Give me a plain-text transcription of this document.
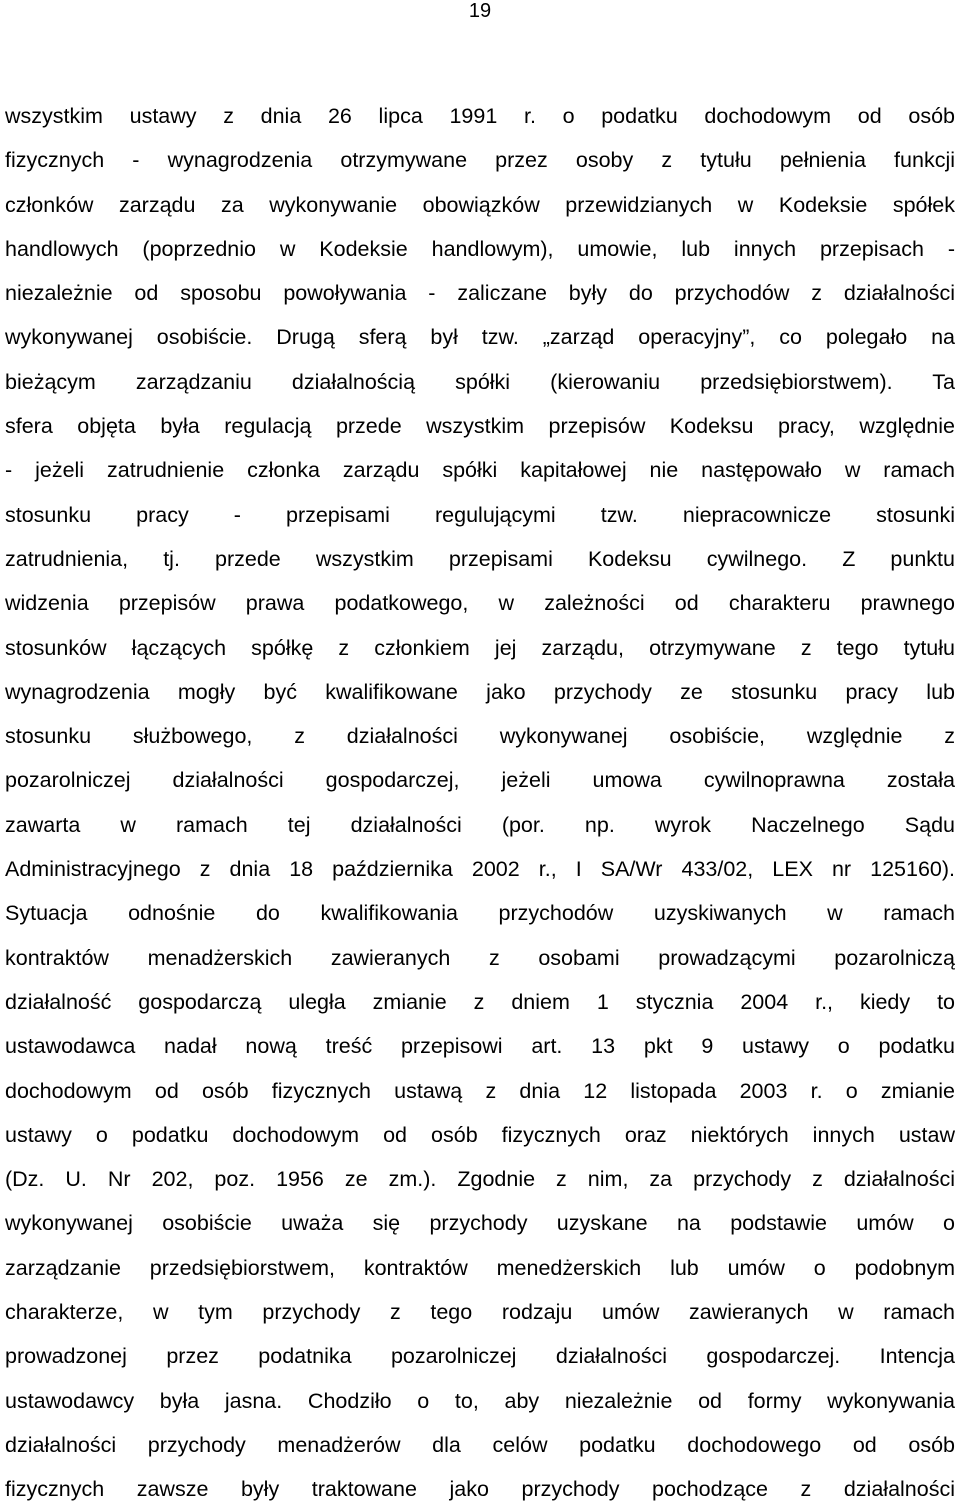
19
wszystkim ustawy z dnia 26 lipca 1991 r. o podatku dochodowym od osób
fizycznych - wynagrodzenia otrzymywane przez osoby z tytułu pełnienia funkcji
członków zarządu za wykonywanie obowiązków przewidzianych w Kodeksie spółek
handlowych (poprzednio w Kodeksie handlowym), umowie, lub innych przepisach -
niezależnie od sposobu powoływania - zaliczane były do przychodów z działalności
wykonywanej osobiście. Drugą sferą był tzw. „zarząd operacyjny”, co polegało na
bieżącym zarządzaniu działalnością spółki (kierowaniu przedsiębiorstwem). Ta
sfera objęta była regulacją przede wszystkim przepisów Kodeksu pracy, względnie
- jeżeli zatrudnienie członka zarządu spółki kapitałowej nie następowało w ramach
stosunku pracy - przepisami regulującymi tzw. niepracownicze stosunki
zatrudnienia, tj. przede wszystkim przepisami Kodeksu cywilnego. Z punktu
widzenia przepisów prawa podatkowego, w zależności od charakteru prawnego
stosunków łączących spółkę z członkiem jej zarządu, otrzymywane z tego tytułu
wynagrodzenia mogły być kwalifikowane jako przychody ze stosunku pracy lub
stosunku służbowego, z działalności wykonywanej osobiście, względnie z
pozarolniczej działalności gospodarczej, jeżeli umowa cywilnoprawna została
zawarta w ramach tej działalności (por. np. wyrok Naczelnego Sądu
Administracyjnego z dnia 18 października 2002 r., I SA/Wr 433/02, LEX nr 125160).
Sytuacja odnośnie do kwalifikowania przychodów uzyskiwanych w ramach
kontraktów menadżerskich zawieranych z osobami prowadzącymi pozarolniczą
działalność gospodarczą uległa zmianie z dniem 1 stycznia 2004 r., kiedy to
ustawodawca nadał nową treść przepisowi art. 13 pkt 9 ustawy o podatku
dochodowym od osób fizycznych ustawą z dnia 12 listopada 2003 r. o zmianie
ustawy o podatku dochodowym od osób fizycznych oraz niektórych innych ustaw
(Dz. U. Nr 202, poz. 1956 ze zm.). Zgodnie z nim, za przychody z działalności
wykonywanej osobiście uważa się przychody uzyskane na podstawie umów o
zarządzanie przedsiębiorstwem, kontraktów menedżerskich lub umów o podobnym
charakterze, w tym przychody z tego rodzaju umów zawieranych w ramach
prowadzonej przez podatnika pozarolniczej działalności gospodarczej. Intencja
ustawodawcy była jasna. Chodziło o to, aby niezależnie od formy wykonywania
działalności przychody menadżerów dla celów podatku dochodowego od osób
fizycznych zawsze były traktowane jako przychody pochodzące z działalności
